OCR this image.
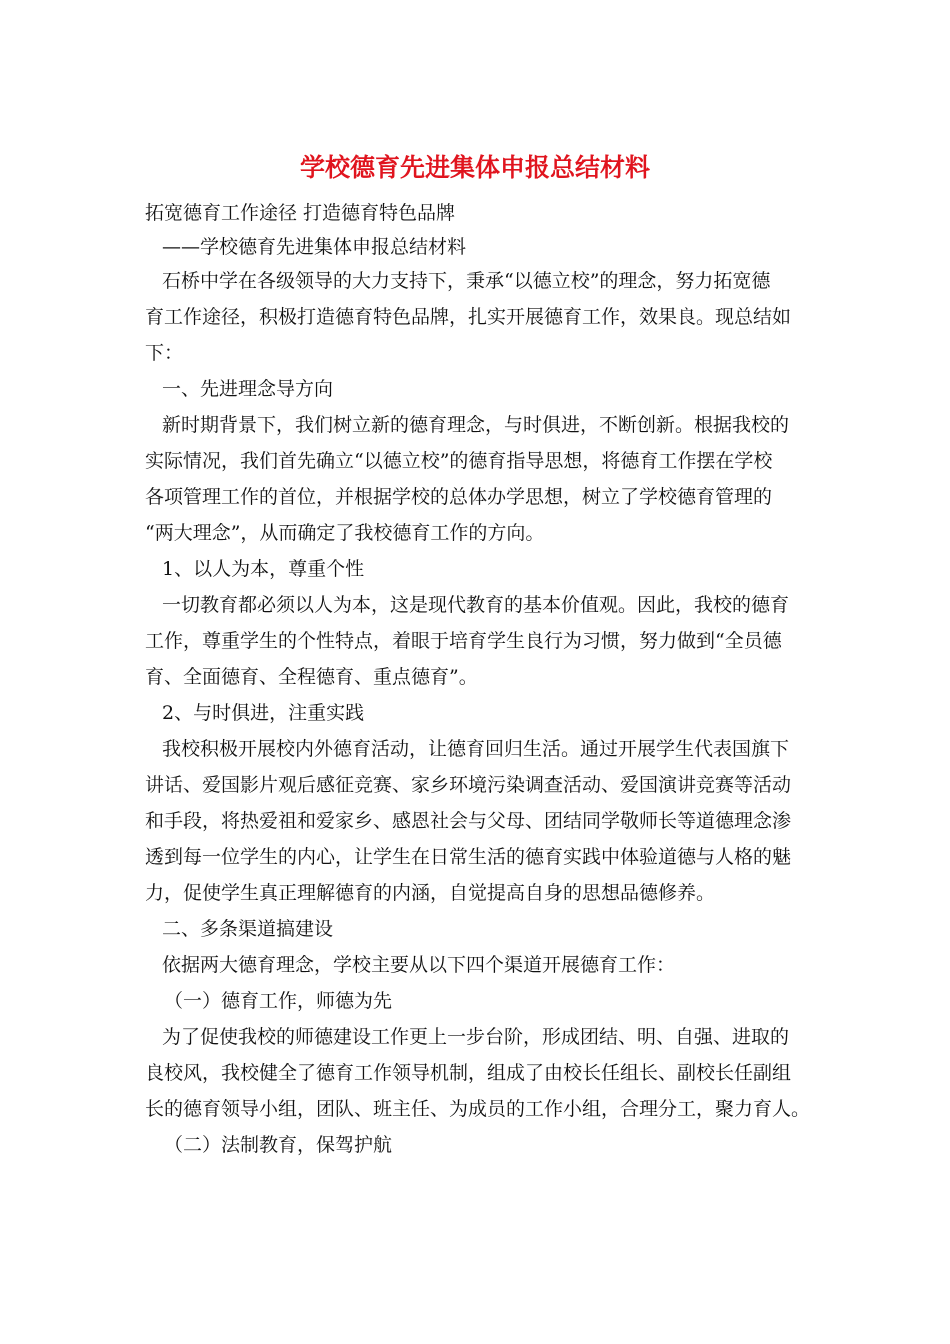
学校德育先进集体申报总结材料
拓宽德育工作途径 打造德育特色品牌
——学校德育先进集体申报总结材料
石桥中学在各级领导的大力支持下，秉承“以德立校”的理念，努力拓宽德
育工作途径，积极打造德育特色品牌，扎实开展德育工作，效果良。现总结如
下：
一、先进理念导方向
新时期背景下，我们树立新的德育理念，与时俱进，不断创新。根据我校的
实际情况，我们首先确立“以德立校”的德育指导思想，将德育工作摆在学校
各项管理工作的首位，并根据学校的总体办学思想，树立了学校德育管理的
“两大理念”，从而确定了我校德育工作的方向。
1、以人为本，尊重个性
一切教育都必须以人为本，这是现代教育的基本价值观。因此，我校的德育
工作，尊重学生的个性特点，着眼于培育学生良行为习惯，努力做到“全员德
育、全面德育、全程德育、重点德育”。
2、与时俱进，注重实践
我校积极开展校内外德育活动，让德育回归生活。通过开展学生代表国旗下
讲话、爱国影片观后感征竞赛、家乡环境污染调查活动、爱国演讲竞赛等活动
和手段，将热爱祖和爱家乡、感恩社会与父母、团结同学敬师长等道德理念渗
透到每一位学生的内心，让学生在日常生活的德育实践中体验道德与人格的魅
力，促使学生真正理解德育的内涵，自觉提高自身的思想品德修养。
二、多条渠道搞建设
依据两大德育理念，学校主要从以下四个渠道开展德育工作：
（一）德育工作，师德为先
为了促使我校的师德建设工作更上一步台阶，形成团结、明、自强、进取的
良校风，我校健全了德育工作领导机制，组成了由校长任组长、副校长任副组
长的德育领导小组，团队、班主任、为成员的工作小组，合理分工，聚力育人。
（二）法制教育，保驾护航
